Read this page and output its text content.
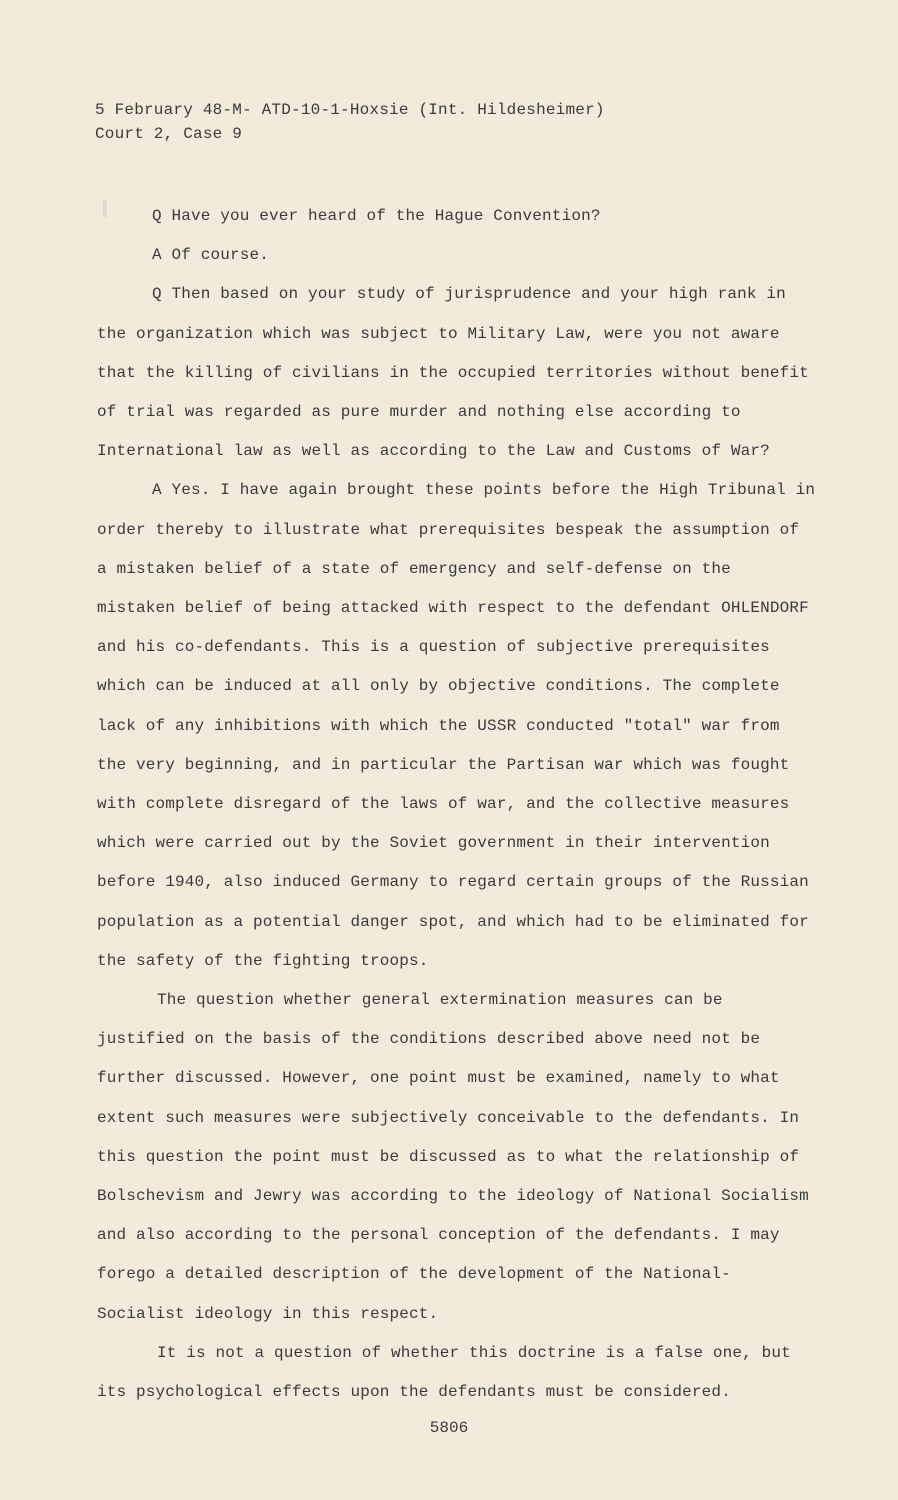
5 February 48-M- ATD-10-1-Hoxsie (Int. Hildesheimer)
Court 2, Case 9

Q Have you ever heard of the Hague Convention?

A Of course.

Q Then based on your study of jurisprudence and your high rank in the organization which was subject to Military Law, were you not aware that the killing of civilians in the occupied territories without benefit of trial was regarded as pure murder and nothing else according to International law as well as according to the Law and Customs of War?

A Yes. I have again brought these points before the High Tribunal in order thereby to illustrate what prerequisites bespeak the assumption of a mistaken belief of a state of emergency and self-defense on the mistaken belief of being attacked with respect to the defendant OHLENDORF and his co-defendants. This is a question of subjective prerequisites which can be induced at all only by objective conditions. The complete lack of any inhibitions with which the USSR conducted "total" war from the very beginning, and in particular the Partisan war which was fought with complete disregard of the laws of war, and the collective measures which were carried out by the Soviet government in their intervention before 1940, also induced Germany to regard certain groups of the Russian population as a potential danger spot, and which had to be eliminated for the safety of the fighting troops.

The question whether general extermination measures can be justified on the basis of the conditions described above need not be further discussed. However, one point must be examined, namely to what extent such measures were subjectively conceivable to the defendants. In this question the point must be discussed as to what the relationship of Bolschevism and Jewry was according to the ideology of National Socialism and also according to the personal conception of the defendants. I may forego a detailed description of the development of the National-Socialist ideology in this respect.

It is not a question of whether this doctrine is a false one, but its psychological effects upon the defendants must be considered.

5806
